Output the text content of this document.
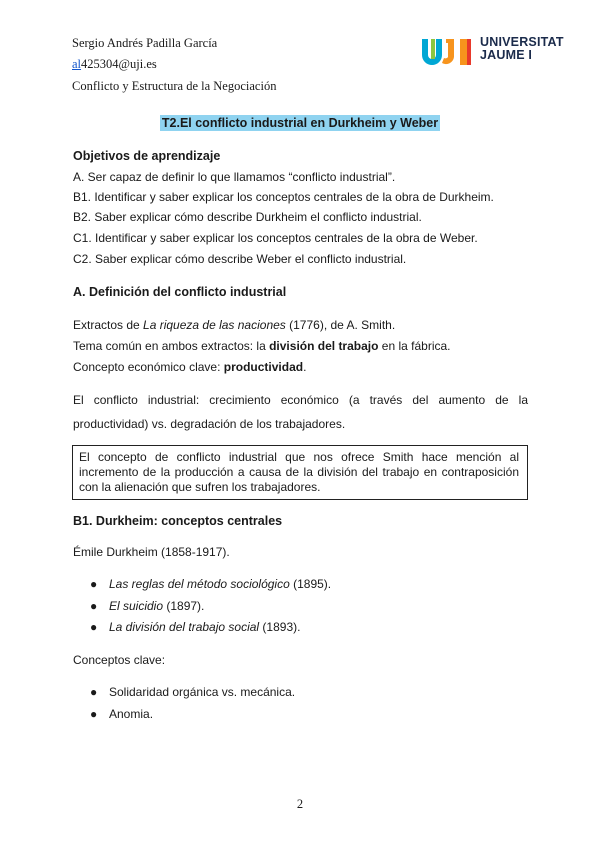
Sergio Andrés Padilla García
al425304@uji.es
Conflicto y Estructura de la Negociación
UNIVERSITAT
JAUME I
T2.El conflicto industrial en Durkheim y Weber
Objetivos de aprendizaje
A. Ser capaz de definir lo que llamamos “conflicto industrial”.
B1. Identificar y saber explicar los conceptos centrales de la obra de Durkheim.
B2. Saber explicar cómo describe Durkheim el conflicto industrial.
C1. Identificar y saber explicar los conceptos centrales de la obra de Weber.
C2. Saber explicar cómo describe Weber el conflicto industrial.
A. Definición del conflicto industrial
Extractos de La riqueza de las naciones (1776), de A. Smith.
Tema común en ambos extractos: la división del trabajo en la fábrica.
Concepto económico clave: productividad.
El conflicto industrial: crecimiento económico (a través del aumento de la productividad) vs. degradación de los trabajadores.
El concepto de conflicto industrial que nos ofrece Smith hace mención al incremento de la producción a causa de la división del trabajo en contraposición con la alienación que sufren los trabajadores.
B1. Durkheim: conceptos centrales
Émile Durkheim (1858-1917).
● Las reglas del método sociológico (1895).
● El suicidio (1897).
● La división del trabajo social (1893).
Conceptos clave:
● Solidaridad orgánica vs. mecánica.
● Anomia.
2
